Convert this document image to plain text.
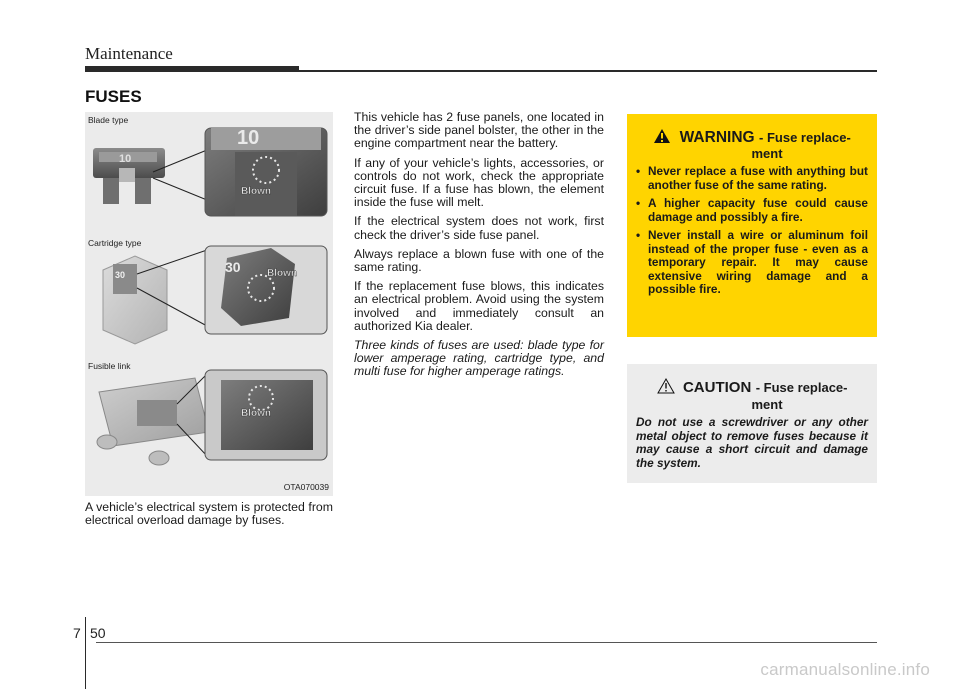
Maintenance
FUSES
10
10
Blown
30	30	Blown
Blown
Blade type
Cartridge type
Fusible link
OTA070039

A vehicle’s electrical system is protected from electrical overload damage by fuses.

This vehicle has 2 fuse panels, one located in the driver’s side panel bolster, the other in the engine compartment near the battery.

If any of your vehicle’s lights, accessories, or controls do not work, check the appropriate circuit fuse. If a fuse has blown, the element inside the fuse will melt.

If the electrical system does not work, first check the driver’s side fuse panel.

Always replace a blown fuse with one of the same rating.

If the replacement fuse blows, this indicates an electrical problem. Avoid using the system involved and immediately consult an authorized Kia dealer.

Three kinds of fuses are used: blade type for lower amperage rating, cartridge type, and multi fuse for higher amperage ratings.

WARNING - Fuse replace-
ment
• Never replace a fuse with anything but another fuse of the same rating.
• A higher capacity fuse could cause damage and possibly a fire.
• Never install a wire or aluminum foil instead of the proper fuse - even as a temporary repair. It may cause extensive wiring damage and a possible fire.
CAUTION - Fuse replace-
ment

Do not use a screwdriver or any other metal object to remove fuses because it may cause a short circuit and damage the system.

7 50
carmanualsonline.info
